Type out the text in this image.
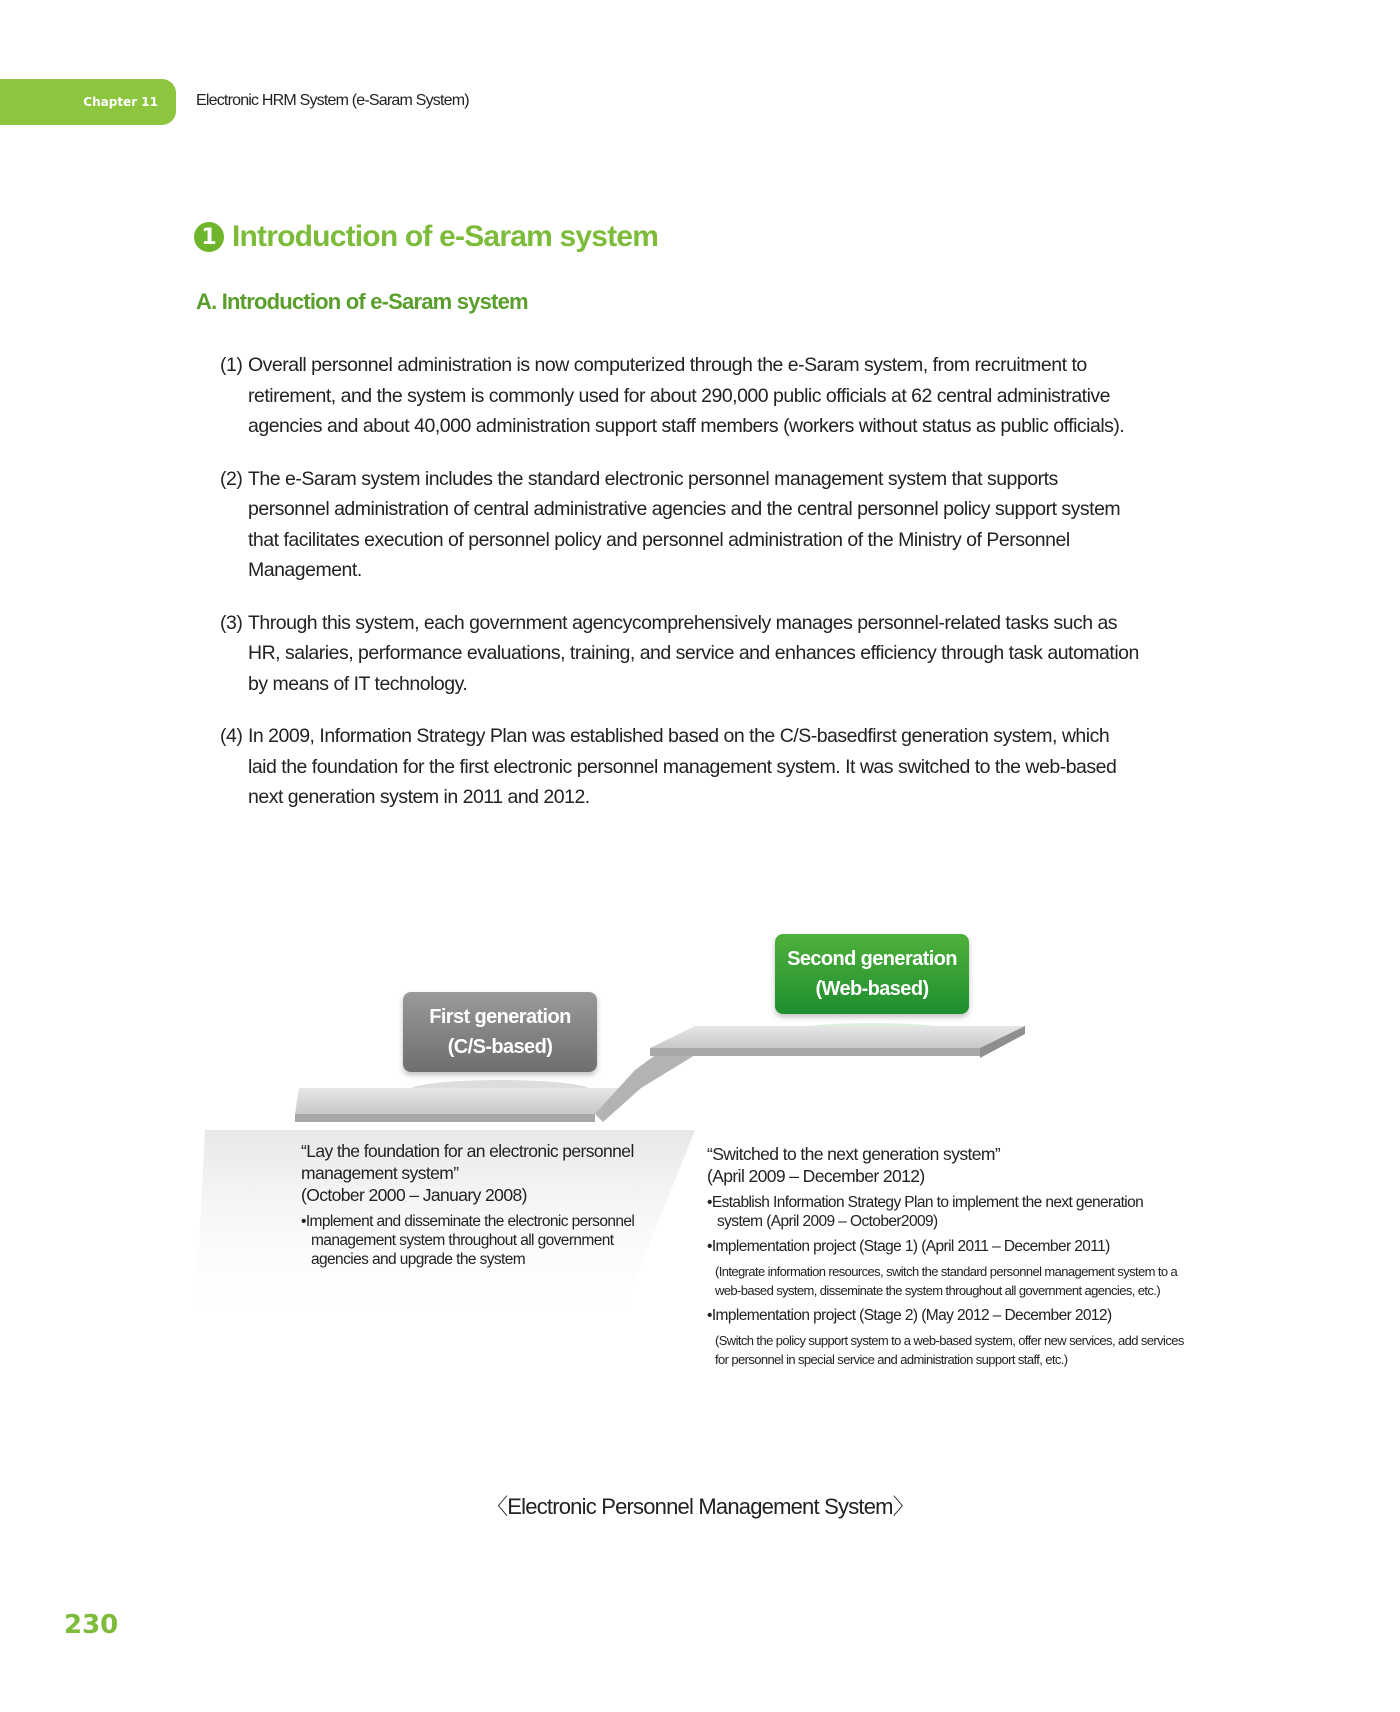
Chapter 11	Electronic HRM System (e-Saram System)
1 Introduction of e-Saram system
A. Introduction of e-Saram system
(1) Overall personnel administration is now computerized through the e-Saram system, from recruitment to retirement, and the system is commonly used for about 290,000 public officials at 62 central administrative agencies and about 40,000 administration support staff members (workers without status as public officials).
(2) The e-Saram system includes the standard electronic personnel management system that supports personnel administration of central administrative agencies and the central personnel policy support system that facilitates execution of personnel policy and personnel administration of the Ministry of Personnel Management.
(3) Through this system, each government agencycomprehensively manages personnel-related tasks such as HR, salaries, performance evaluations, training, and service and enhances efficiency through task automation by means of IT technology.
(4) In 2009, Information Strategy Plan was established based on the C/S-basedfirst generation system, which laid the foundation for the first electronic personnel management system. It was switched to the web-based next generation system in 2011 and 2012.
First generation
(C/S-based)
Second generation
(Web-based)
“Lay the foundation for an electronic personnel management system”
(October 2000 – January 2008)
• Implement and disseminate the electronic personnel management system throughout all government agencies and upgrade the system
“Switched to the next generation system”
(April 2009 – December 2012)
• Establish Information Strategy Plan to implement the next generation system (April 2009 – October2009)
• Implementation project (Stage 1) (April 2011 – December 2011)
(Integrate information resources, switch the standard personnel management system to a web-based system, disseminate the system throughout all government agencies, etc.)
• Implementation project (Stage 2) (May 2012 – December 2012)
(Switch the policy support system to a web-based system, offer new services, add services for personnel in special service and administration support staff, etc.)
〈Electronic Personnel Management System〉
230
